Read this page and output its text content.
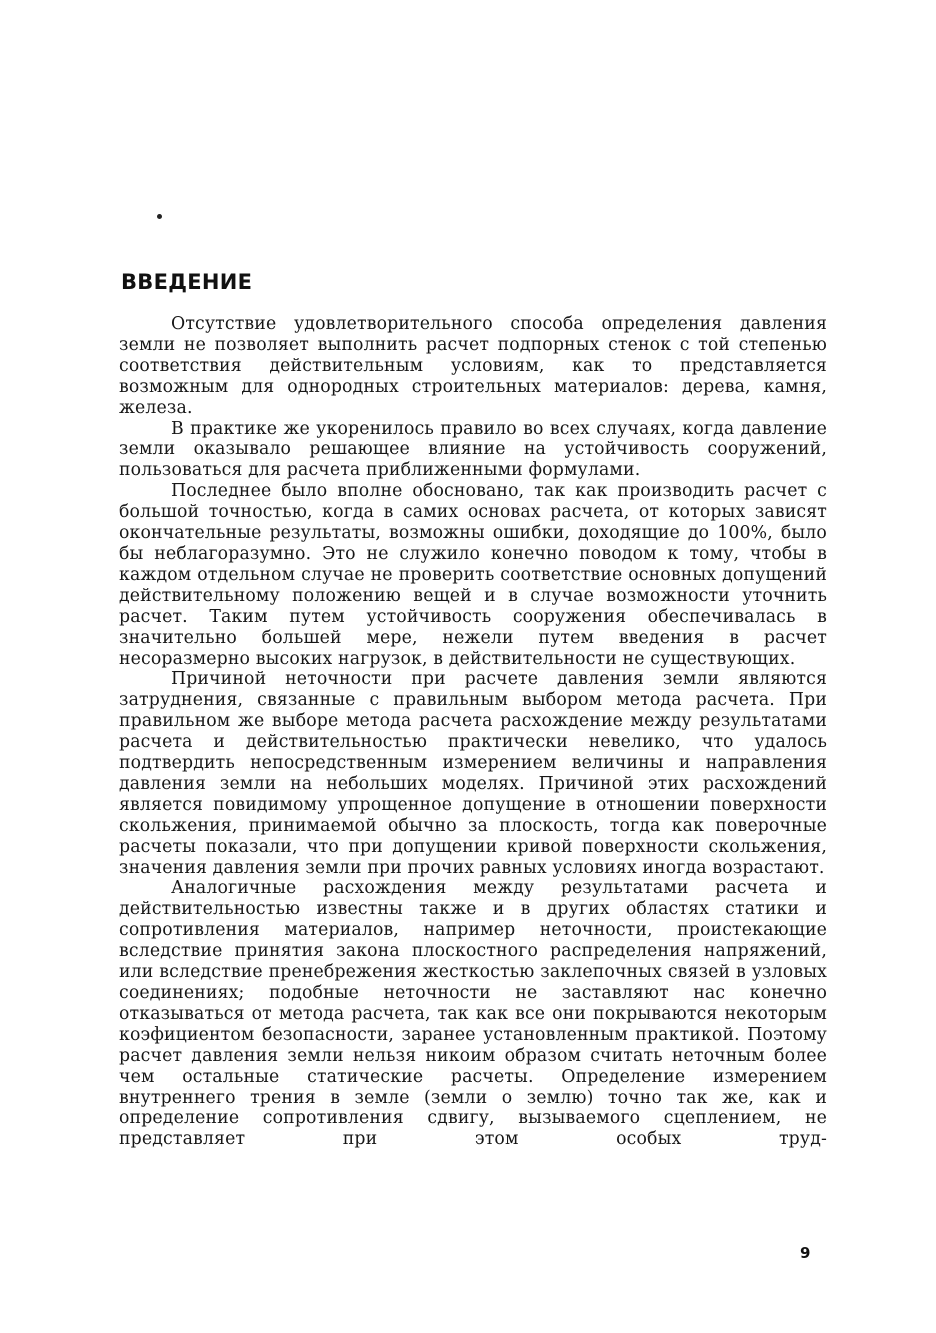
ВВЕДЕНИЕ

Отсутствие удовлетворительного способа определения давления земли не позволяет выполнить расчет подпорных стенок с той степенью соответствия действительным условиям, как то представляется возможным для однородных строительных материалов: дерева, камня, железа.

В практике же укоренилось правило во всех случаях, когда давление земли оказывало решающее влияние на устойчивость сооружений, пользоваться для расчета приближенными формулами.

Последнее было вполне обосновано, так как производить расчет с большой точностью, когда в самих основах расчета, от которых зависят окончательные результаты, возможны ошибки, доходящие до 100%, было бы неблагоразумно. Это не служило конечно поводом к тому, чтобы в каждом отдельном случае не проверить соответствие основных допущений действительному положению вещей и в случае возможности уточнить расчет. Таким путем устойчивость сооружения обеспечивалась в значительно большей мере, нежели путем введения в расчет несоразмерно высоких нагрузок, в действительности не существующих.

Причиной неточности при расчете давления земли являются затруднения, связанные с правильным выбором метода расчета. При правильном же выборе метода расчета расхождение между результатами расчета и действительностью практически невелико, что удалось подтвердить непосредственным измерением величины и направления давления земли на небольших моделях. Причиной этих расхождений является повидимому упрощенное допущение в отношении поверхности скольжения, принимаемой обычно за плоскость, тогда как поверочные расчеты показали, что при допущении кривой поверхности скольжения, значения давления земли при прочих равных условиях иногда возрастают.

Аналогичные расхождения между результатами расчета и действительностью известны также и в других областях статики и сопротивления материалов, например неточности, проистекающие вследствие принятия закона плоскостного распределения напряжений, или вследствие пренебрежения жесткостью заклепочных связей в узловых соединениях; подобные неточности не заставляют нас конечно отказываться от метода расчета, так как все они покрываются некоторым коэфициентом безопасности, заранее установленным практикой. Поэтому расчет давления земли нельзя никоим образом считать неточным более чем остальные статические расчеты. Определение измерением внутреннего трения в земле (земли о землю) точно так же, как и определение сопротивления сдвигу, вызываемого сцеплением, не представляет при этом особых труд-

9
